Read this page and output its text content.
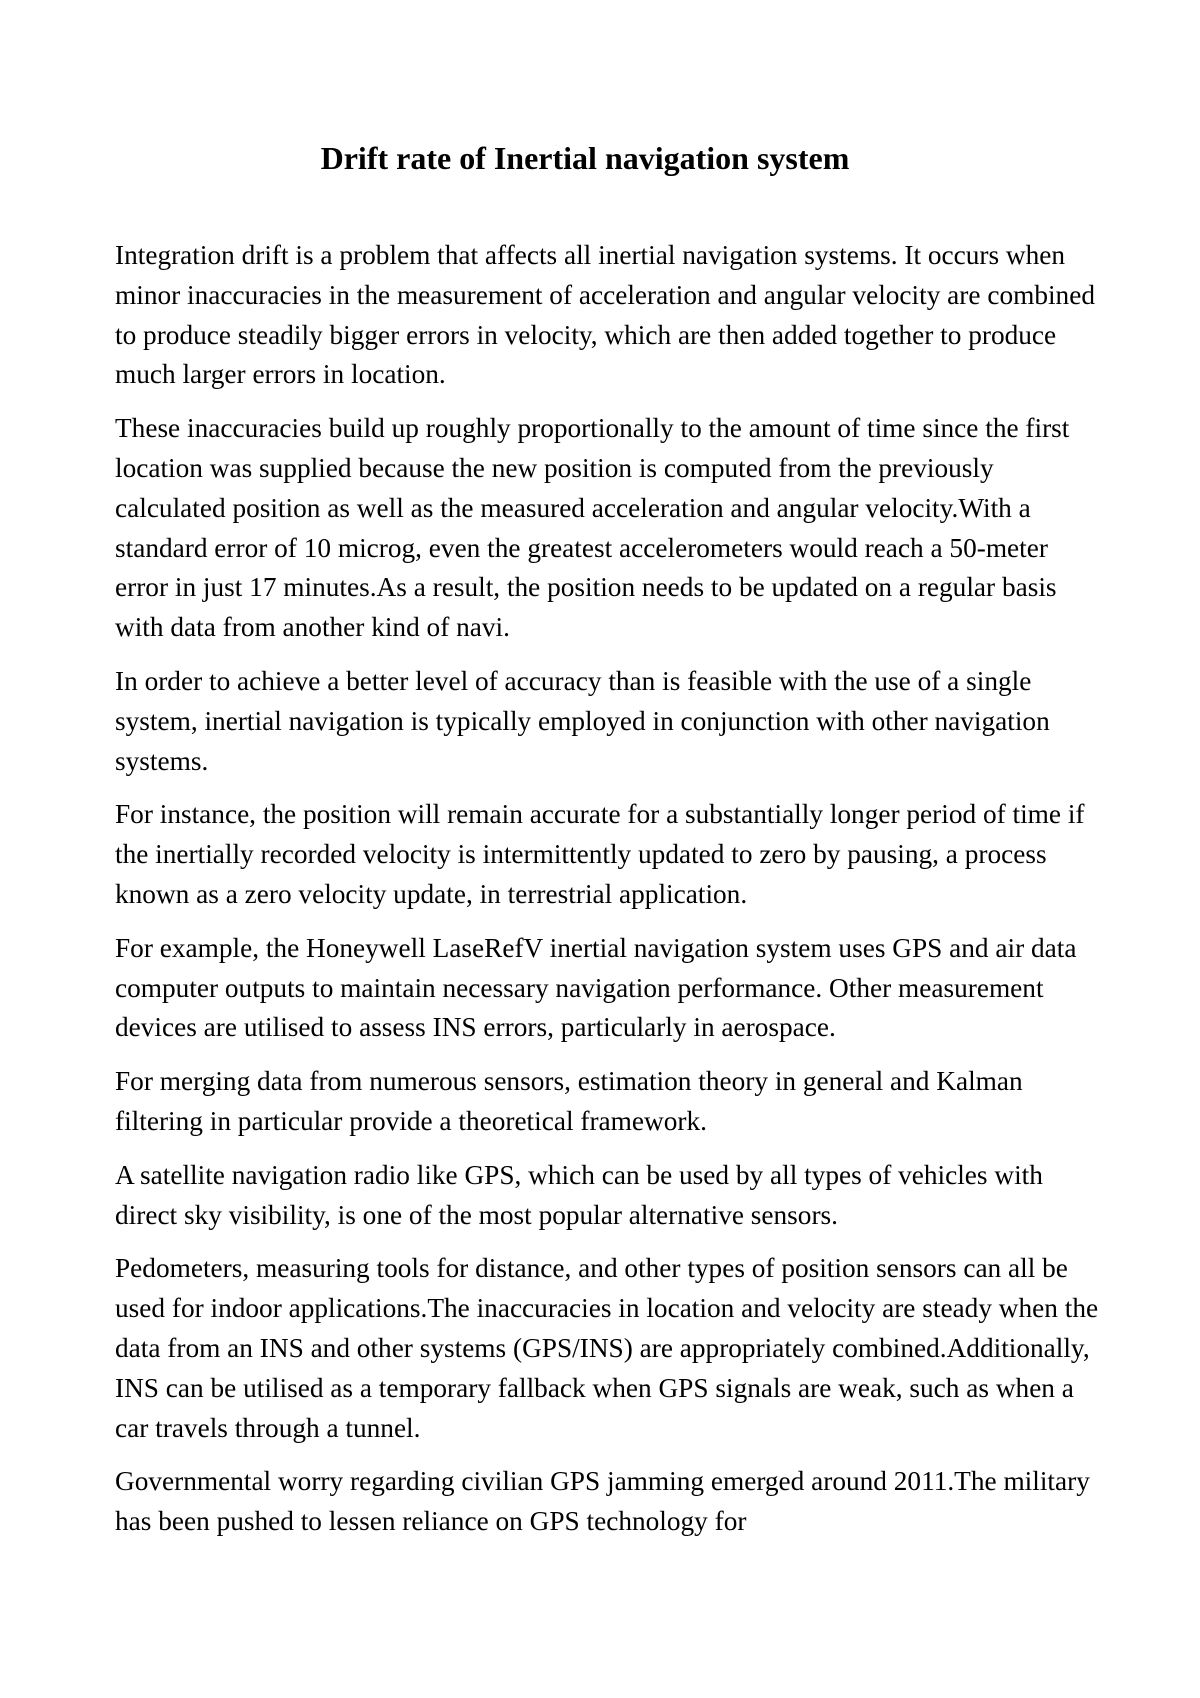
Drift rate of Inertial navigation system

Integration drift is a problem that affects all inertial navigation systems. It occurs when minor inaccuracies in the measurement of acceleration and angular velocity are combined to produce steadily bigger errors in velocity, which are then added together to produce much larger errors in location.

These inaccuracies build up roughly proportionally to the amount of time since the first location was supplied because the new position is computed from the previously calculated position as well as the measured acceleration and angular velocity.With a standard error of 10 microg, even the greatest accelerometers would reach a 50-meter error in just 17 minutes.As a result, the position needs to be updated on a regular basis with data from another kind of navi.

In order to achieve a better level of accuracy than is feasible with the use of a single system, inertial navigation is typically employed in conjunction with other navigation systems.

For instance, the position will remain accurate for a substantially longer period of time if the inertially recorded velocity is intermittently updated to zero by pausing, a process known as a zero velocity update, in terrestrial application.

For example, the Honeywell LaseRefV inertial navigation system uses GPS and air data computer outputs to maintain necessary navigation performance. Other measurement devices are utilised to assess INS errors, particularly in aerospace.

For merging data from numerous sensors, estimation theory in general and Kalman filtering in particular provide a theoretical framework.

A satellite navigation radio like GPS, which can be used by all types of vehicles with direct sky visibility, is one of the most popular alternative sensors.

Pedometers, measuring tools for distance, and other types of position sensors can all be used for indoor applications.The inaccuracies in location and velocity are steady when the data from an INS and other systems (GPS/INS) are appropriately combined.Additionally, INS can be utilised as a temporary fallback when GPS signals are weak, such as when a car travels through a tunnel.

Governmental worry regarding civilian GPS jamming emerged around 2011.The military has been pushed to lessen reliance on GPS technology for
